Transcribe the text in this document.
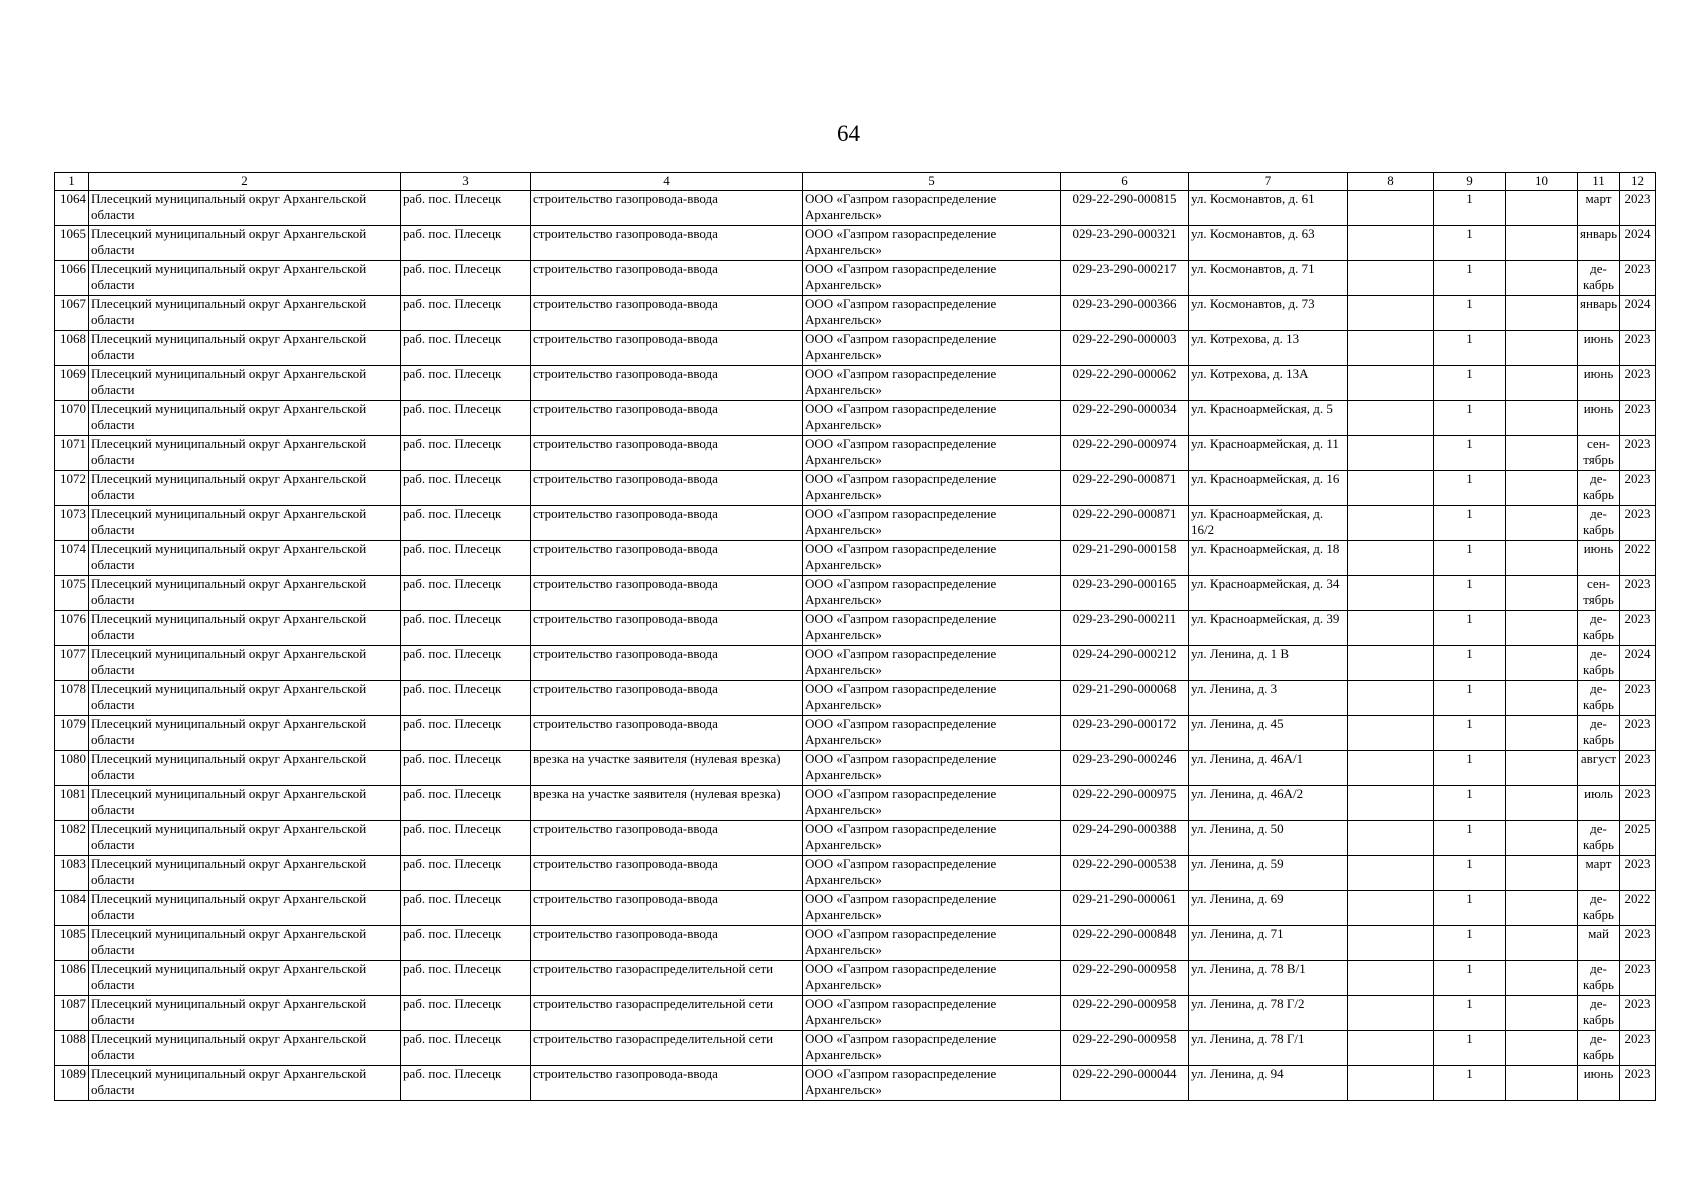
64
1	2	3	4	5	6	7	8	9	10	11	12
1064	Плесецкий муниципальный округ Архангельской области	раб. пос. Плесецк	строительство газопровода-ввода	ООО «Газпром газораспределение Архангельск»	029-22-290-000815	ул. Космонавтов, д. 61		1		март	2023
1065	Плесецкий муниципальный округ Архангельской области	раб. пос. Плесецк	строительство газопровода-ввода	ООО «Газпром газораспределение Архангельск»	029-23-290-000321	ул. Космонавтов, д. 63		1		январь	2024
1066	Плесецкий муниципальный округ Архангельской области	раб. пос. Плесецк	строительство газопровода-ввода	ООО «Газпром газораспределение Архангельск»	029-23-290-000217	ул. Космонавтов, д. 71		1		де-кабрь	2023
1067	Плесецкий муниципальный округ Архангельской области	раб. пос. Плесецк	строительство газопровода-ввода	ООО «Газпром газораспределение Архангельск»	029-23-290-000366	ул. Космонавтов, д. 73		1		январь	2024
1068	Плесецкий муниципальный округ Архангельской области	раб. пос. Плесецк	строительство газопровода-ввода	ООО «Газпром газораспределение Архангельск»	029-22-290-000003	ул. Котрехова, д. 13		1		июнь	2023
1069	Плесецкий муниципальный округ Архангельской области	раб. пос. Плесецк	строительство газопровода-ввода	ООО «Газпром газораспределение Архангельск»	029-22-290-000062	ул. Котрехова, д. 13А		1		июнь	2023
1070	Плесецкий муниципальный округ Архангельской области	раб. пос. Плесецк	строительство газопровода-ввода	ООО «Газпром газораспределение Архангельск»	029-22-290-000034	ул. Красноармейская, д. 5		1		июнь	2023
1071	Плесецкий муниципальный округ Архангельской области	раб. пос. Плесецк	строительство газопровода-ввода	ООО «Газпром газораспределение Архангельск»	029-22-290-000974	ул. Красноармейская, д. 11		1		сен-тябрь	2023
1072	Плесецкий муниципальный округ Архангельской области	раб. пос. Плесецк	строительство газопровода-ввода	ООО «Газпром газораспределение Архангельск»	029-22-290-000871	ул. Красноармейская, д. 16		1		де-кабрь	2023
1073	Плесецкий муниципальный округ Архангельской области	раб. пос. Плесецк	строительство газопровода-ввода	ООО «Газпром газораспределение Архангельск»	029-22-290-000871	ул. Красноармейская, д. 16/2		1		де-кабрь	2023
1074	Плесецкий муниципальный округ Архангельской области	раб. пос. Плесецк	строительство газопровода-ввода	ООО «Газпром газораспределение Архангельск»	029-21-290-000158	ул. Красноармейская, д. 18		1		июнь	2022
1075	Плесецкий муниципальный округ Архангельской области	раб. пос. Плесецк	строительство газопровода-ввода	ООО «Газпром газораспределение Архангельск»	029-23-290-000165	ул. Красноармейская, д. 34		1		сен-тябрь	2023
1076	Плесецкий муниципальный округ Архангельской области	раб. пос. Плесецк	строительство газопровода-ввода	ООО «Газпром газораспределение Архангельск»	029-23-290-000211	ул. Красноармейская, д. 39		1		де-кабрь	2023
1077	Плесецкий муниципальный округ Архангельской области	раб. пос. Плесецк	строительство газопровода-ввода	ООО «Газпром газораспределение Архангельск»	029-24-290-000212	ул. Ленина, д. 1 В		1		де-кабрь	2024
1078	Плесецкий муниципальный округ Архангельской области	раб. пос. Плесецк	строительство газопровода-ввода	ООО «Газпром газораспределение Архангельск»	029-21-290-000068	ул. Ленина, д. 3		1		де-кабрь	2023
1079	Плесецкий муниципальный округ Архангельской области	раб. пос. Плесецк	строительство газопровода-ввода	ООО «Газпром газораспределение Архангельск»	029-23-290-000172	ул. Ленина, д. 45		1		де-кабрь	2023
1080	Плесецкий муниципальный округ Архангельской области	раб. пос. Плесецк	врезка на участке заявителя (нулевая врезка)	ООО «Газпром газораспределение Архангельск»	029-23-290-000246	ул. Ленина, д. 46А/1		1		август	2023
1081	Плесецкий муниципальный округ Архангельской области	раб. пос. Плесецк	врезка на участке заявителя (нулевая врезка)	ООО «Газпром газораспределение Архангельск»	029-22-290-000975	ул. Ленина, д. 46А/2		1		июль	2023
1082	Плесецкий муниципальный округ Архангельской области	раб. пос. Плесецк	строительство газопровода-ввода	ООО «Газпром газораспределение Архангельск»	029-24-290-000388	ул. Ленина, д. 50		1		де-кабрь	2025
1083	Плесецкий муниципальный округ Архангельской области	раб. пос. Плесецк	строительство газопровода-ввода	ООО «Газпром газораспределение Архангельск»	029-22-290-000538	ул. Ленина, д. 59		1		март	2023
1084	Плесецкий муниципальный округ Архангельской области	раб. пос. Плесецк	строительство газопровода-ввода	ООО «Газпром газораспределение Архангельск»	029-21-290-000061	ул. Ленина, д. 69		1		де-кабрь	2022
1085	Плесецкий муниципальный округ Архангельской области	раб. пос. Плесецк	строительство газопровода-ввода	ООО «Газпром газораспределение Архангельск»	029-22-290-000848	ул. Ленина, д. 71		1		май	2023
1086	Плесецкий муниципальный округ Архангельской области	раб. пос. Плесецк	строительство газораспределительной сети	ООО «Газпром газораспределение Архангельск»	029-22-290-000958	ул. Ленина, д. 78 В/1		1		де-кабрь	2023
1087	Плесецкий муниципальный округ Архангельской области	раб. пос. Плесецк	строительство газораспределительной сети	ООО «Газпром газораспределение Архангельск»	029-22-290-000958	ул. Ленина, д. 78 Г/2		1		де-кабрь	2023
1088	Плесецкий муниципальный округ Архангельской области	раб. пос. Плесецк	строительство газораспределительной сети	ООО «Газпром газораспределение Архангельск»	029-22-290-000958	ул. Ленина, д. 78 Г/1		1		де-кабрь	2023
1089	Плесецкий муниципальный округ Архангельской области	раб. пос. Плесецк	строительство газопровода-ввода	ООО «Газпром газораспределение Архангельск»	029-22-290-000044	ул. Ленина, д. 94		1		июнь	2023
